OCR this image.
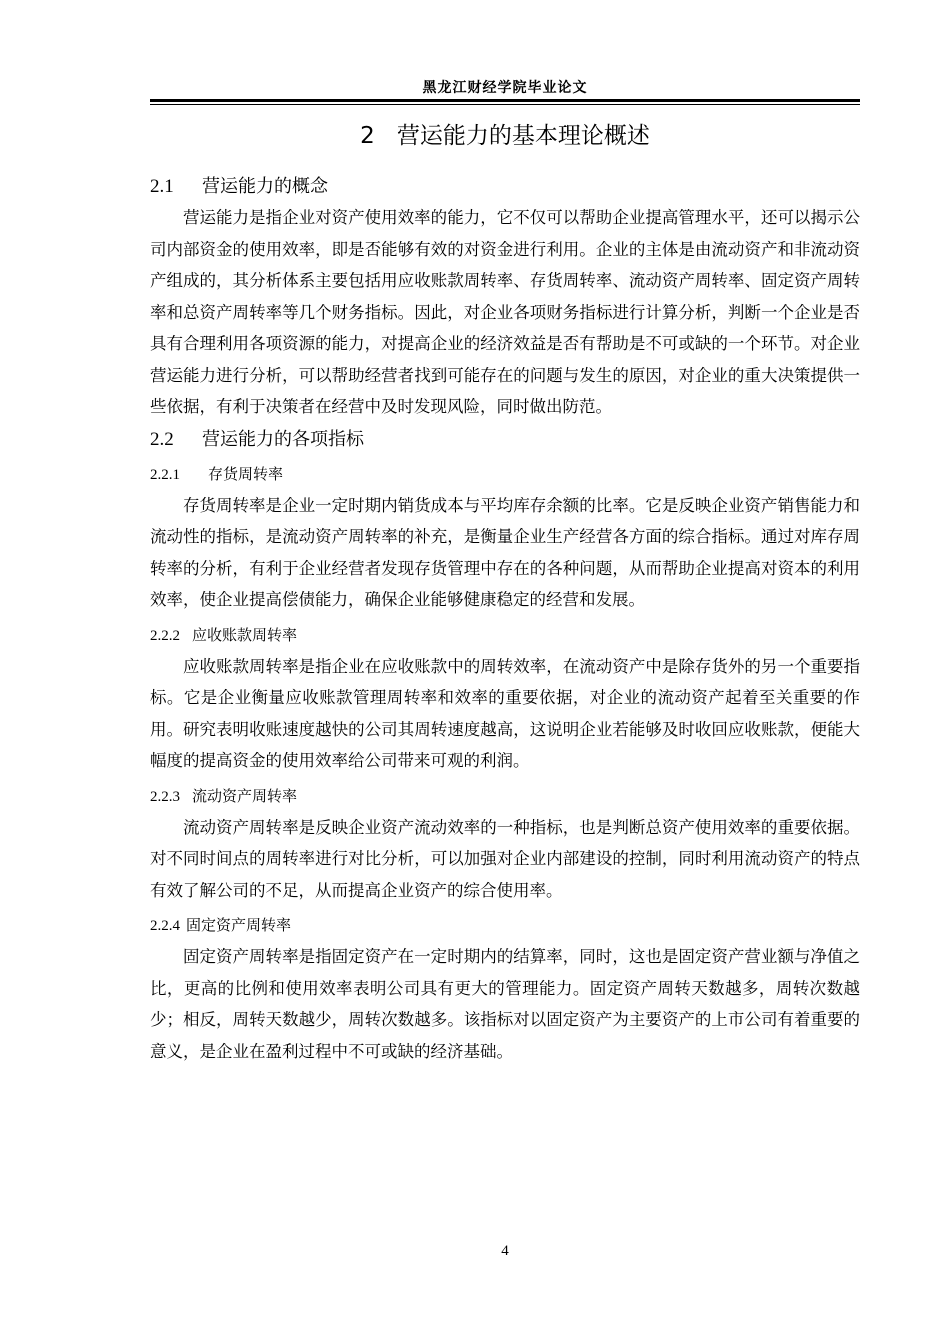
黑龙江财经学院毕业论文
2 营运能力的基本理论概述
2.1 营运能力的概念

营运能力是指企业对资产使用效率的能力，它不仅可以帮助企业提高管理水平，还可以揭示公司内部资金的使用效率，即是否能够有效的对资金进行利用。企业的主体是由流动资产和非流动资产组成的，其分析体系主要包括用应收账款周转率、存货周转率、流动资产周转率、固定资产周转率和总资产周转率等几个财务指标。因此，对企业各项财务指标进行计算分析，判断一个企业是否具有合理利用各项资源的能力，对提高企业的经济效益是否有帮助是不可或缺的一个环节。对企业营运能力进行分析，可以帮助经营者找到可能存在的问题与发生的原因，对企业的重大决策提供一些依据，有利于决策者在经营中及时发现风险，同时做出防范。

2.2 营运能力的各项指标
2.2.1 存货周转率

存货周转率是企业一定时期内销货成本与平均库存余额的比率。它是反映企业资产销售能力和流动性的指标，是流动资产周转率的补充，是衡量企业生产经营各方面的综合指标。通过对库存周转率的分析，有利于企业经营者发现存货管理中存在的各种问题，从而帮助企业提高对资本的利用效率，使企业提高偿债能力，确保企业能够健康稳定的经营和发展。

2.2.2 应收账款周转率

应收账款周转率是指企业在应收账款中的周转效率，在流动资产中是除存货外的另一个重要指标。它是企业衡量应收账款管理周转率和效率的重要依据，对企业的流动资产起着至关重要的作用。研究表明收账速度越快的公司其周转速度越高，这说明企业若能够及时收回应收账款，便能大幅度的提高资金的使用效率给公司带来可观的利润。

2.2.3 流动资产周转率

流动资产周转率是反映企业资产流动效率的一种指标，也是判断总资产使用效率的重要依据。对不同时间点的周转率进行对比分析，可以加强对企业内部建设的控制，同时利用流动资产的特点有效了解公司的不足，从而提高企业资产的综合使用率。

2.2.4 固定资产周转率

固定资产周转率是指固定资产在一定时期内的结算率，同时，这也是固定资产营业额与净值之比，更高的比例和使用效率表明公司具有更大的管理能力。固定资产周转天数越多，周转次数越少；相反，周转天数越少，周转次数越多。该指标对以固定资产为主要资产的上市公司有着重要的意义，是企业在盈利过程中不可或缺的经济基础。

4
